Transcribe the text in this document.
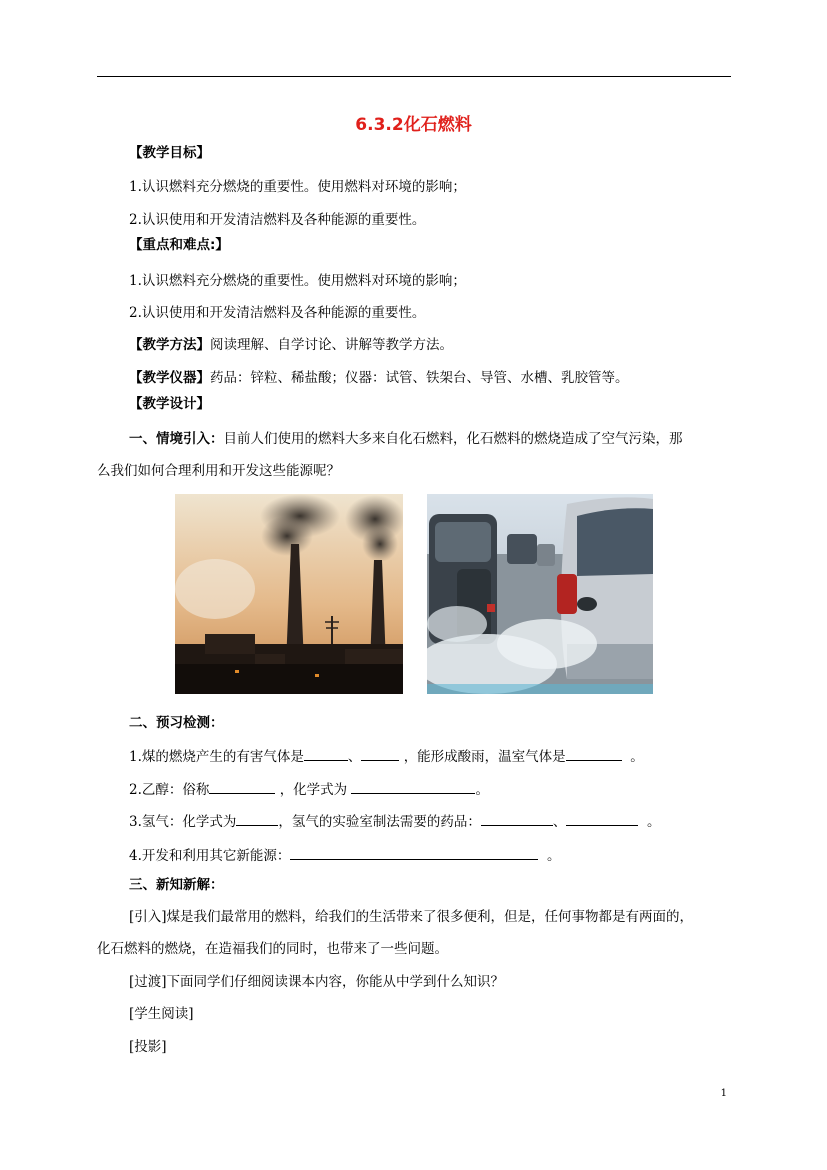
6.3.2化石燃料
【教学目标】
1.认识燃料充分燃烧的重要性。使用燃料对环境的影响；
2.认识使用和开发清洁燃料及各种能源的重要性。
【重点和难点:】
1.认识燃料充分燃烧的重要性。使用燃料对环境的影响；
2.认识使用和开发清洁燃料及各种能源的重要性。
【教学方法】阅读理解、自学讨论、讲解等教学方法。
【教学仪器】药品：锌粒、稀盐酸；仪器：试管、铁架台、导管、水槽、乳胶管等。
【教学设计】
一、情境引入：目前人们使用的燃料大多来自化石燃料，化石燃料的燃烧造成了空气污染，那
么我们如何合理利用和开发这些能源呢？
二、预习检测：
1.煤的燃烧产生的有害气体是	、	，能形成酸雨，温室气体是	。
2.乙醇：俗称	，化学式为	。
3.氢气：化学式为	，氢气的实验室制法需要的药品：	、	。
4.开发和利用其它新能源：	。
三、新知新解：
[引入]煤是我们最常用的燃料，给我们的生活带来了很多便利，但是，任何事物都是有两面的，
化石燃料的燃烧，在造福我们的同时，也带来了一些问题。
[过渡]下面同学们仔细阅读课本内容，你能从中学到什么知识？
[学生阅读]
[投影]
1
